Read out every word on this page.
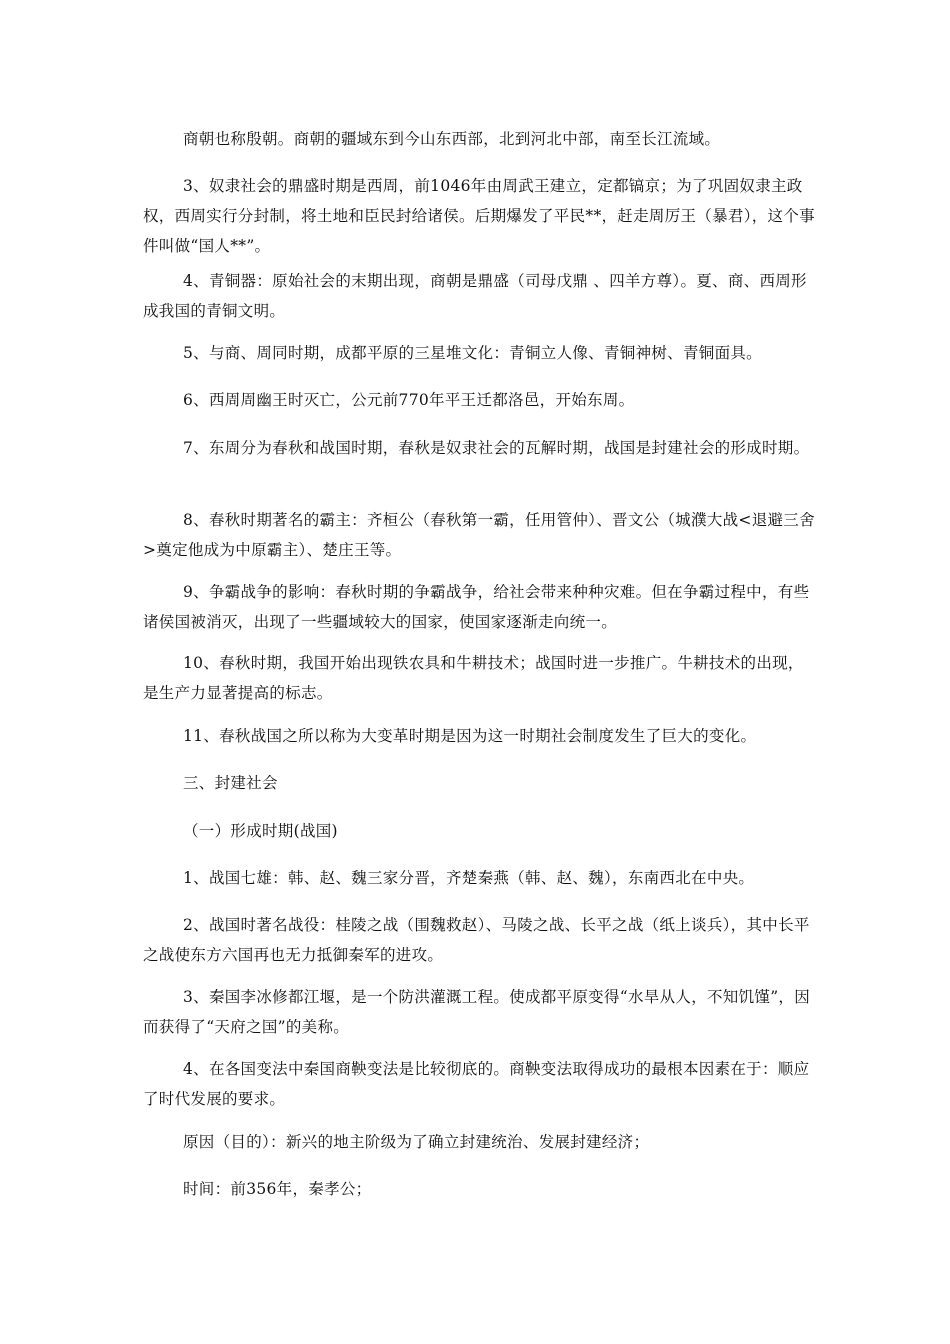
商朝也称殷朝。商朝的疆域东到今山东西部，北到河北中部，南至长江流域。

3、奴隶社会的鼎盛时期是西周，前1046年由周武王建立，定都镐京；为了巩固奴隶主政权，西周实行分封制，将土地和臣民封给诸侯。后期爆发了平民**，赶走周厉王（暴君），这个事件叫做“国人**”。

4、青铜器：原始社会的末期出现，商朝是鼎盛（司母戊鼎 、四羊方尊）。夏、商、西周形成我国的青铜文明。

5、与商、周同时期，成都平原的三星堆文化：青铜立人像、青铜神树、青铜面具。

6、西周周幽王时灭亡，公元前770年平王迁都洛邑，开始东周。

7、东周分为春秋和战国时期，春秋是奴隶社会的瓦解时期，战国是封建社会的形成时期。

8、春秋时期著名的霸主：齐桓公（春秋第一霸，任用管仲）、晋文公（城濮大战<退避三舍>奠定他成为中原霸主）、楚庄王等。

9、争霸战争的影响：春秋时期的争霸战争，给社会带来种种灾难。但在争霸过程中，有些诸侯国被消灭，出现了一些疆域较大的国家，使国家逐渐走向统一。

10、春秋时期，我国开始出现铁农具和牛耕技术；战国时进一步推广。牛耕技术的出现，是生产力显著提高的标志。

11、春秋战国之所以称为大变革时期是因为这一时期社会制度发生了巨大的变化。

三、封建社会

（一）形成时期(战国)

1、战国七雄：韩、赵、魏三家分晋，齐楚秦燕（韩、赵、魏），东南西北在中央。

2、战国时著名战役：桂陵之战（围魏救赵）、马陵之战、长平之战（纸上谈兵），其中长平之战使东方六国再也无力抵御秦军的进攻。

3、秦国李冰修都江堰，是一个防洪灌溉工程。使成都平原变得“水旱从人，不知饥馑”，因而获得了“天府之国”的美称。

4、在各国变法中秦国商鞅变法是比较彻底的。商鞅变法取得成功的最根本因素在于：顺应了时代发展的要求。

原因（目的）：新兴的地主阶级为了确立封建统治、发展封建经济；

时间：前356年，秦孝公；
